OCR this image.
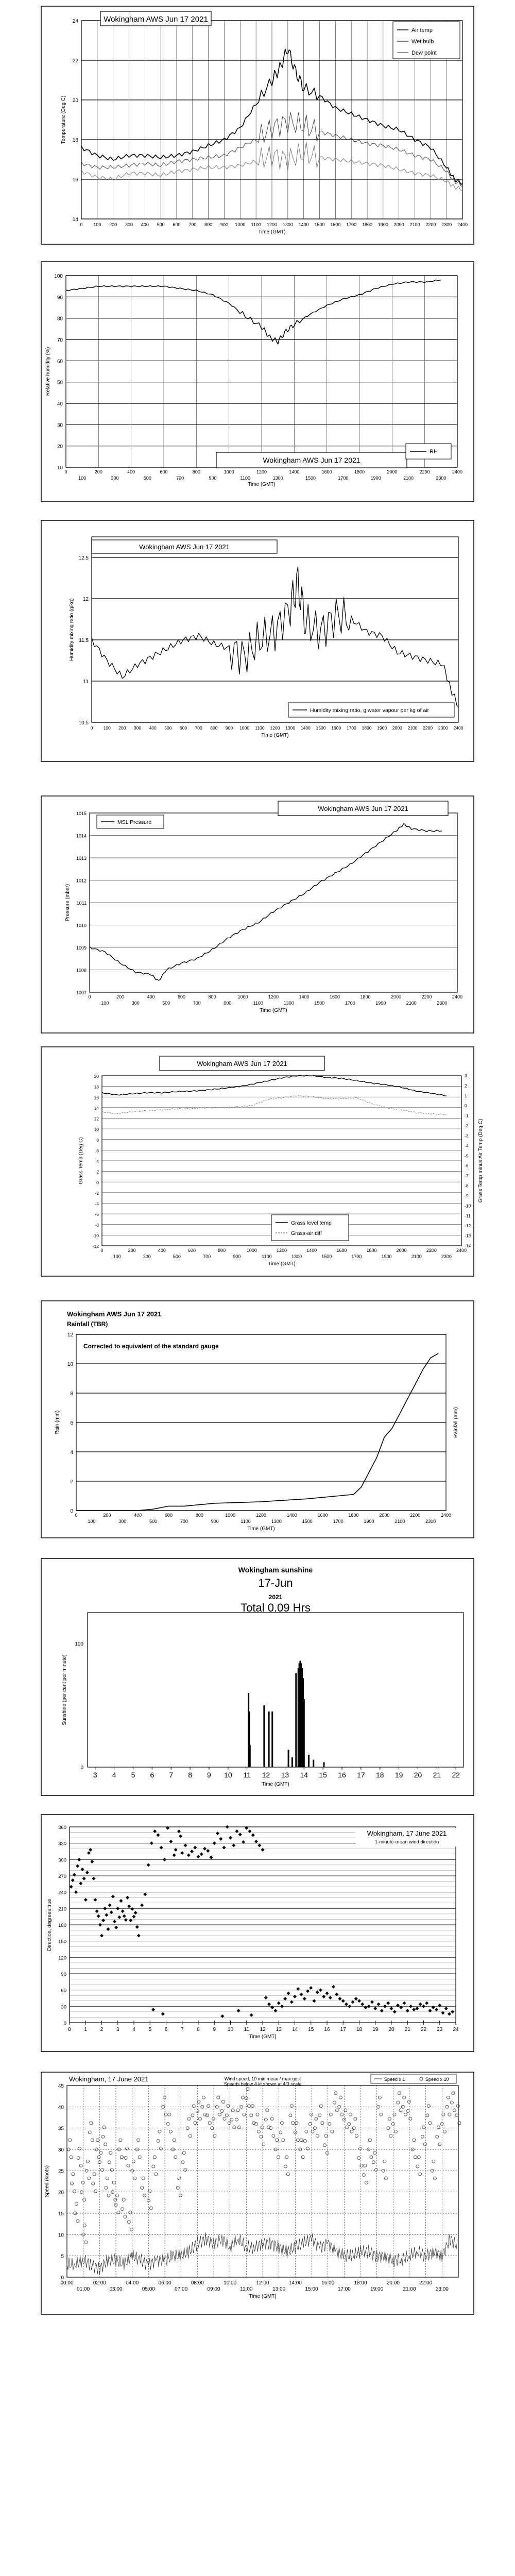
14
16
18
20
22
24
0 100 200 300 400 500 600 700 800 900 1000 1100 1200 1300 1400 1500 1600 1700 1800 1900 2000 2100 2200 2300 2400
Time (GMT)
Temperature (Deg C)
Wokingham AWS Jun 17 2021
Air temp
Wet bulb
Dew point
10
20
30
40
50
60
70
80
90
100
0	200	400	600	800	1000	1200	1400	1600	1800	2000	2200	2400
100	300	500	700	900	1100	1300	1500	1700	1900	2100	2300
Time (GMT)
Relative humidity (%)
Wokingham AWS Jun 17 2021
RH
10.5
11
11.5
12
12.5
0 100 200 300 400 500 600 700 800 900 1000 1100 1200 1300 1400 1500 1600 1700 1800 1900 2000 2100 2200 2300 2400
Time (GMT)
Humidity mixing ratio (g/kg)
Wokingham AWS Jun 17 2021
Humidity mixing ratio, g water vapour per kg of air
1007
1008
1009
1010
1011
1012
1013
1014
1015
0	200	400	600	800	1000	1200	1400	1600	1800	2000	2200	2400
100	300	500	700	900	1100	1300	1500	1700	1900	2100	2300
Time (GMT)
Pressure (mbar)
Wokingham AWS Jun 17 2021
MSL Pressure
-12
-10
-8
-6
-4
-2
0
2
4
6
8
10
12
14
16
18
20
-14
-13
-12
-11
-10
-9
-8
-7
-6
-5
-4
-3
-2
-1
0
1
2
3
0	200	400	600	800	1000	1200	1400	1600	1800	2000	2200	2400
100	300	500	700	900	1100	1300	1500	1700	1900	2100	2300
Time (GMT)
Grass Temp (Deg C)	Grass Temp minus Air Temp (Deg C)
Wokingham AWS Jun 17 2021
Grass level temp
Grass-air diff
0
2
4
6
8
10
12
0	200	400	600	800	1000	1200	1400	1600	1800	2000	2200	2400
100	300	500	700	900	1100	1300	1500	1700	1900	2100	2300
Time (GMT)
Rain (mm)	Rainfall (mm)
Wokingham AWS Jun 17 2021
Rainfall (TBR)
Corrected to equivalent of the standard gauge
0
100
3 4 5 6 7 8 9 10 11 12 13 14 15 16 17 18 19 20 21 22
Time (GMT)
Sunshine (per cent per minute)
Wokingham sunshine
17-Jun
2021
Total 0.09 Hrs
0
30
60
90
120
150
180
210
240
270
300
330
360
0	1	2	3	4	5	6	7	8	9 10 11 12 13 14 15 16 17 18 19 20 21 22 23 24
Time (GMT)
Direction, degrees true
Wokingham, 17 June 2021
1-minute-mean wind direction
0
5
10
15
20
25
30
35
40
45
00:00	02:00	04:00	06:00	08:00	10:00	12:00	14:00	16:00	18:00	20:00	22:00
01:00	03:00	05:00	07:00	09:00	11:00	13:00	15:00	17:00	19:00	21:00	23:00
Time (GMT)
Speed (knots)
Wokingham, 17 June 2021	Wind speed, 10 min mean / max gust
Speeds below 4 kt shown at 4/3 scale
Speed x 1	Speed x 10
